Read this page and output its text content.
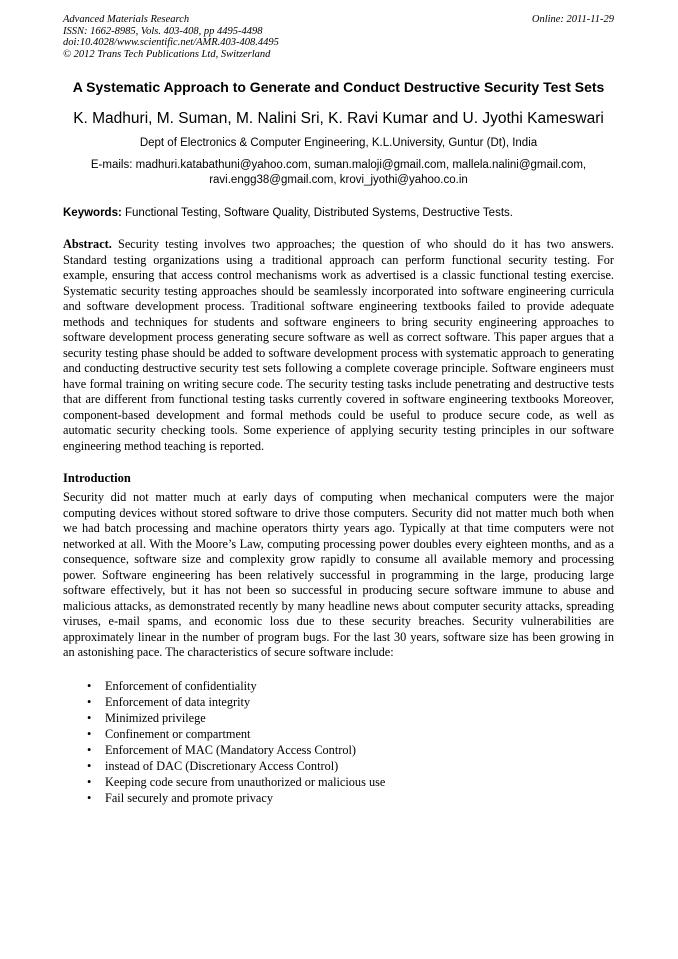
Advanced Materials Research	Online: 2011-11-29
ISSN: 1662-8985, Vols. 403-408, pp 4495-4498
doi:10.4028/www.scientific.net/AMR.403-408.4495
© 2012 Trans Tech Publications Ltd, Switzerland
A Systematic Approach to Generate and Conduct Destructive Security Test Sets
K. Madhuri, M. Suman, M. Nalini Sri, K. Ravi Kumar and U. Jyothi Kameswari
Dept of Electronics & Computer Engineering, K.L.University, Guntur (Dt), India
E-mails: madhuri.katabathuni@yahoo.com, suman.maloji@gmail.com, mallela.nalini@gmail.com, ravi.engg38@gmail.com, krovi_jyothi@yahoo.co.in
Keywords: Functional Testing, Software Quality, Distributed Systems, Destructive Tests.
Abstract. Security testing involves two approaches; the question of who should do it has two answers. Standard testing organizations using a traditional approach can perform functional security testing. For example, ensuring that access control mechanisms work as advertised is a classic functional testing exercise. Systematic security testing approaches should be seamlessly incorporated into software engineering curricula and software development process. Traditional software engineering textbooks failed to provide adequate methods and techniques for students and software engineers to bring security engineering approaches to software development process generating secure software as well as correct software. This paper argues that a security testing phase should be added to software development process with systematic approach to generating and conducting destructive security test sets following a complete coverage principle. Software engineers must have formal training on writing secure code. The security testing tasks include penetrating and destructive tests that are different from functional testing tasks currently covered in software engineering textbooks Moreover, component-based development and formal methods could be useful to produce secure code, as well as automatic security checking tools. Some experience of applying security testing principles in our software engineering method teaching is reported.
Introduction
Security did not matter much at early days of computing when mechanical computers were the major computing devices without stored software to drive those computers. Security did not matter much both when we had batch processing and machine operators thirty years ago. Typically at that time computers were not networked at all. With the Moore’s Law, computing processing power doubles every eighteen months, and as a consequence, software size and complexity grow rapidly to consume all available memory and processing power. Software engineering has been relatively successful in programming in the large, producing large software effectively, but it has not been so successful in producing secure software immune to abuse and malicious attacks, as demonstrated recently by many headline news about computer security attacks, spreading viruses, e-mail spams, and economic loss due to these security breaches. Security vulnerabilities are approximately linear in the number of program bugs. For the last 30 years, software size has been growing in an astonishing pace. The characteristics of secure software include:
• Enforcement of confidentiality
• Enforcement of data integrity
• Minimized privilege
• Confinement or compartment
• Enforcement of MAC (Mandatory Access Control)
• instead of DAC (Discretionary Access Control)
• Keeping code secure from unauthorized or malicious use
• Fail securely and promote privacy
